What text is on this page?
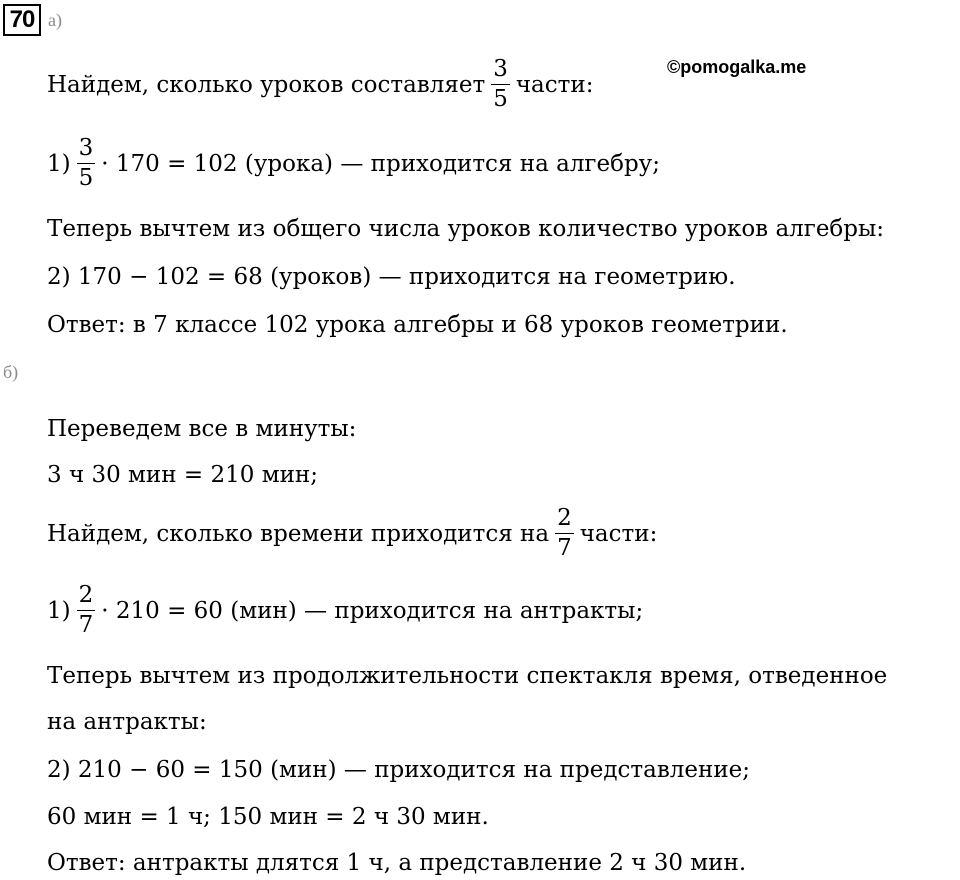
70 а)
©pomogalka.me
Найдем, сколько уроков составляет $\frac{3}{5}$ части:
$1) \frac{3}{5} \cdot 170 = 102$ (урока) — приходится на алгебру;
Теперь вычтем из общего числа уроков количество уроков алгебры:
2) 170 − 102 = 68 (уроков) — приходится на геометрию.
Ответ: в 7 классе 102 урока алгебры и 68 уроков геометрии.
б)
Переведем все в минуты:
3 ч 30 мин = 210 мин;
Найдем, сколько времени приходится на $\frac{2}{7}$ части:
$1) \frac{2}{7} \cdot 210 = 60$ (мин) — приходится на антракты;
Теперь вычтем из продолжительности спектакля время, отведенное
на антракты:
2) 210 − 60 = 150 (мин) — приходится на представление;
60 мин = 1 ч; 150 мин = 2 ч 30 мин.
Ответ: антракты длятся 1 ч, а представление 2 ч 30 мин.
